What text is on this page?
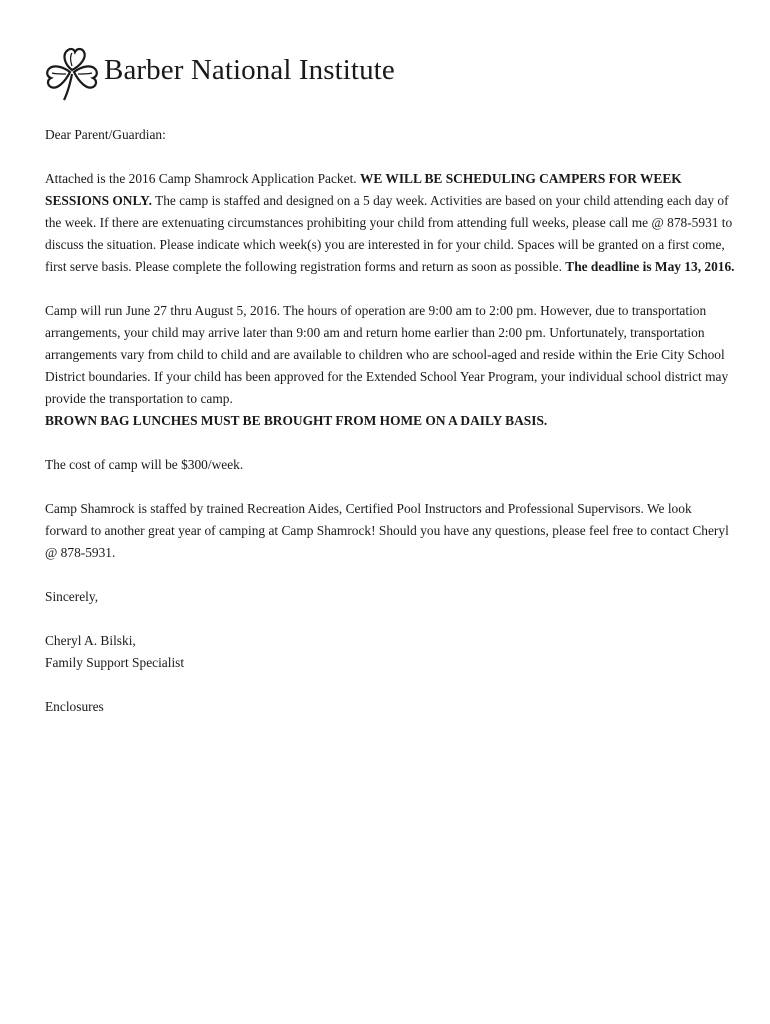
Barber National Institute

Dear Parent/Guardian:

Attached is the 2016 Camp Shamrock Application Packet. WE WILL BE SCHEDULING CAMPERS FOR WEEK SESSIONS ONLY. The camp is staffed and designed on a 5 day week. Activities are based on your child attending each day of the week. If there are extenuating circumstances prohibiting your child from attending full weeks, please call me @ 878-5931 to discuss the situation. Please indicate which week(s) you are interested in for your child. Spaces will be granted on a first come, first serve basis. Please complete the following registration forms and return as soon as possible. The deadline is May 13, 2016.

Camp will run June 27 thru August 5, 2016. The hours of operation are 9:00 am to 2:00 pm. However, due to transportation arrangements, your child may arrive later than 9:00 am and return home earlier than 2:00 pm. Unfortunately, transportation arrangements vary from child to child and are available to children who are school-aged and reside within the Erie City School District boundaries. If your child has been approved for the Extended School Year Program, your individual school district may provide the transportation to camp.
BROWN BAG LUNCHES MUST BE BROUGHT FROM HOME ON A DAILY BASIS.

The cost of camp will be $300/week.

Camp Shamrock is staffed by trained Recreation Aides, Certified Pool Instructors and Professional Supervisors. We look forward to another great year of camping at Camp Shamrock! Should you have any questions, please feel free to contact Cheryl @ 878-5931.

Sincerely,

Cheryl A. Bilski,

Family Support Specialist

Enclosures
